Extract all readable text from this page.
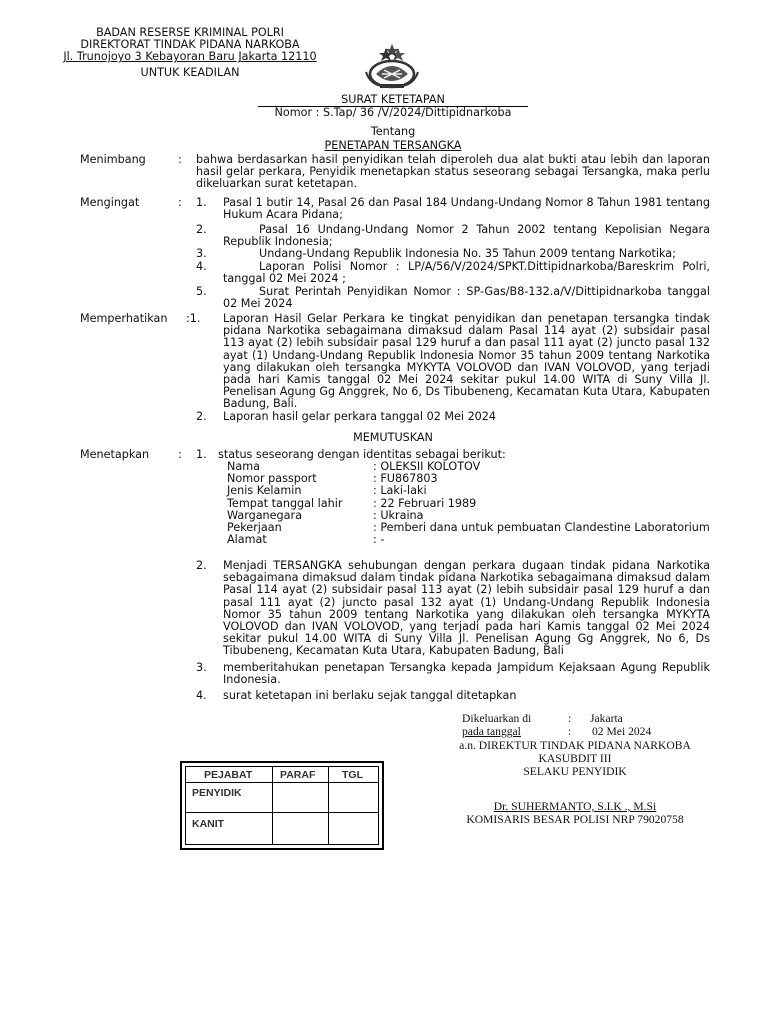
BADAN RESERSE KRIMINAL POLRI
DIREKTORAT TINDAK PIDANA NARKOBA
Jl. Trunojoyo 3 Kebayoran Baru Jakarta 12110
UNTUK KEADILAN
SURAT KETETAPAN
Nomor : S.Tap/ 36 /V/2024/Dittipidnarkoba
Tentang
PENETAPAN TERSANGKA
Menimbang	: bahwa berdasarkan hasil penyidikan telah diperoleh dua alat bukti atau lebih dan laporan hasil gelar perkara, Penyidik menetapkan status seseorang sebagai Tersangka, maka perlu dikeluarkan surat ketetapan.
Mengingat	: 1. Pasal 1 butir 14, Pasal 26 dan Pasal 184 Undang-Undang Nomor 8 Tahun 1981 tentang Hukum Acara Pidana;
2.	Pasal 16 Undang-Undang Nomor 2 Tahun 2002 tentang Kepolisian Negara Republik Indonesia;
3.	Undang-Undang Republik Indonesia No. 35 Tahun 2009 tentang Narkotika;
4.	Laporan Polisi Nomor : LP/A/56/V/2024/SPKT.Dittipidnarkoba/Bareskrim Polri, tanggal 02 Mei 2024 ;
5.	Surat Perintah Penyidikan Nomor : SP-Gas/B8-132.a/V/Dittipidnarkoba tanggal 02 Mei 2024
Memperhatikan :1. Laporan Hasil Gelar Perkara ke tingkat penyidikan dan penetapan tersangka tindak pidana Narkotika sebagaimana dimaksud dalam Pasal 114 ayat (2) subsidair pasal 113 ayat (2) lebih subsidair pasal 129 huruf a dan pasal 111 ayat (2) juncto pasal 132 ayat (1) Undang-Undang Republik Indonesia Nomor 35 tahun 2009 tentang Narkotika yang dilakukan oleh tersangka MYKYTA VOLOVOD dan IVAN VOLOVOD, yang terjadi pada hari Kamis tanggal 02 Mei 2024 sekitar pukul 14.00 WITA di Suny Villa Jl. Penelisan Agung Gg Anggrek, No 6, Ds Tibubeneng, Kecamatan Kuta Utara, Kabupaten Badung, Bali.
2. Laporan hasil gelar perkara tanggal 02 Mei 2024
MEMUTUSKAN
Menetapkan	: 1. status seseorang dengan identitas sebagai berikut:
Nama	: OLEKSII KOLOTOV
Nomor passport	: FU867803
Jenis Kelamin	: Laki-laki
Tempat tanggal lahir	: 22 Februari 1989
Warganegara	: Ukraina
Pekerjaan	: Pemberi dana untuk pembuatan Clandestine Laboratorium
Alamat	: -
2. Menjadi TERSANGKA sehubungan dengan perkara dugaan tindak pidana Narkotika sebagaimana dimaksud dalam tindak pidana Narkotika sebagaimana dimaksud dalam Pasal 114 ayat (2) subsidair pasal 113 ayat (2) lebih subsidair pasal 129 huruf a dan pasal 111 ayat (2) juncto pasal 132 ayat (1) Undang-Undang Republik Indonesia Nomor 35 tahun 2009 tentang Narkotika yang dilakukan oleh tersangka MYKYTA VOLOVOD dan IVAN VOLOVOD, yang terjadi pada hari Kamis tanggal 02 Mei 2024 sekitar pukul 14.00 WITA di Suny Villa Jl. Penelisan Agung Gg Anggrek, No 6, Ds Tibubeneng, Kecamatan Kuta Utara, Kabupaten Badung, Bali
3. memberitahukan penetapan Tersangka kepada Jampidum Kejaksaan Agung Republik Indonesia.
4. surat ketetapan ini berlaku sejak tanggal ditetapkan
Dikeluarkan di	: Jakarta
pada tanggal	: 02 Mei 2024
a.n. DIREKTUR TINDAK PIDANA NARKOBA
KASUBDIT III
SELAKU PENYIDIK
Dr. SUHERMANTO, S.I.K ., M.Si
KOMISARIS BESAR POLISI NRP 79020758
PEJABAT	PARAF	TGL
PENYIDIK
KANIT
